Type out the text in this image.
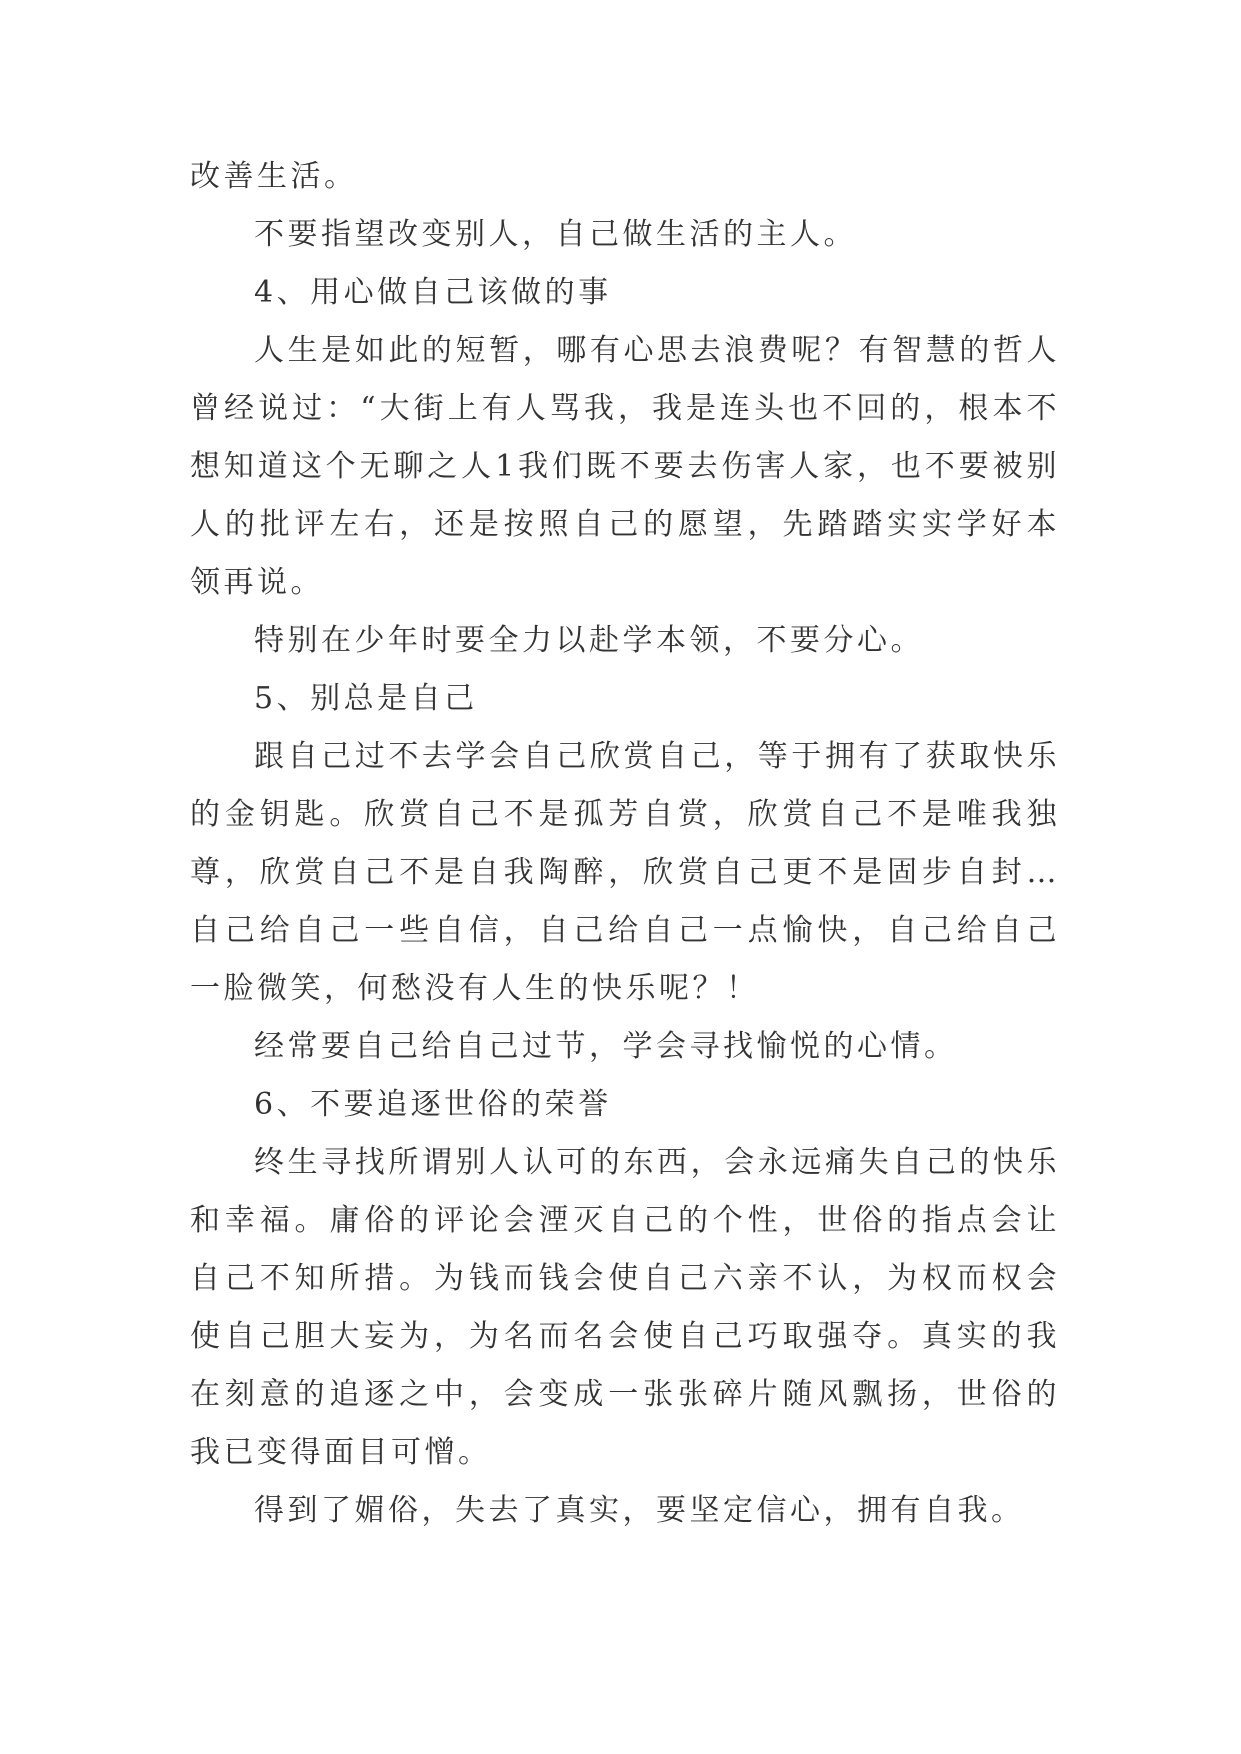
改善生活。

不要指望改变别人，自己做生活的主人。

4、用心做自己该做的事

人生是如此的短暂，哪有心思去浪费呢？有智慧的哲人曾经说过：“大街上有人骂我，我是连头也不回的，根本不想知道这个无聊之人1我们既不要去伤害人家，也不要被别人的批评左右，还是按照自己的愿望，先踏踏实实学好本领再说。

特别在少年时要全力以赴学本领，不要分心。

5、别总是自己

跟自己过不去学会自己欣赏自己，等于拥有了获取快乐的金钥匙。欣赏自己不是孤芳自赏，欣赏自己不是唯我独尊，欣赏自己不是自我陶醉，欣赏自己更不是固步自封…自己给自己一些自信，自己给自己一点愉快，自己给自己一脸微笑，何愁没有人生的快乐呢？！

经常要自己给自己过节，学会寻找愉悦的心情。

6、不要追逐世俗的荣誉

终生寻找所谓别人认可的东西，会永远痛失自己的快乐和幸福。庸俗的评论会湮灭自己的个性，世俗的指点会让自己不知所措。为钱而钱会使自己六亲不认，为权而权会使自己胆大妄为，为名而名会使自己巧取强夺。真实的我在刻意的追逐之中，会变成一张张碎片随风飘扬，世俗的我已变得面目可憎。

得到了媚俗，失去了真实，要坚定信心，拥有自我。
